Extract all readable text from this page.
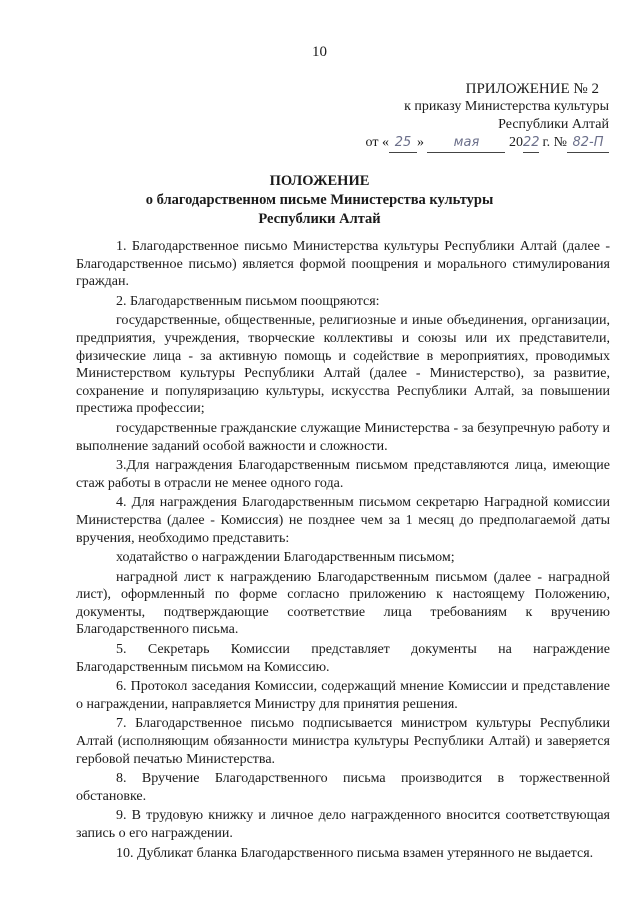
10
ПРИЛОЖЕНИЕ № 2
к приказу Министерства культуры
Республики Алтай
от « 25 » мая 2022 г. № 82-П
ПОЛОЖЕНИЕ
о благодарственном письме Министерства культуры
Республики Алтай

1. Благодарственное письмо Министерства культуры Республики Алтай (далее - Благодарственное письмо) является формой поощрения и морального стимулирования граждан.

2. Благодарственным письмом поощряются:

государственные, общественные, религиозные и иные объединения, организации, предприятия, учреждения, творческие коллективы и союзы или их представители, физические лица - за активную помощь и содействие в мероприятиях, проводимых Министерством культуры Республики Алтай (далее - Министерство), за развитие, сохранение и популяризацию культуры, искусства Республики Алтай, за повышении престижа профессии;

государственные гражданские служащие Министерства - за безупречную работу и выполнение заданий особой важности и сложности.

3.Для награждения Благодарственным письмом представляются лица, имеющие стаж работы в отрасли не менее одного года.

4. Для награждения Благодарственным письмом секретарю Наградной комиссии Министерства (далее - Комиссия) не позднее чем за 1 месяц до предполагаемой даты вручения, необходимо представить:

ходатайство о награждении Благодарственным письмом;

наградной лист к награждению Благодарственным письмом (далее - наградной лист), оформленный по форме согласно приложению к настоящему Положению, документы, подтверждающие соответствие лица требованиям к вручению Благодарственного письма.

5. Секретарь Комиссии представляет документы на награждение Благодарственным письмом на Комиссию.

6. Протокол заседания Комиссии, содержащий мнение Комиссии и представление о награждении, направляется Министру для принятия решения.

7. Благодарственное письмо подписывается министром культуры Республики Алтай (исполняющим обязанности министра культуры Республики Алтай) и заверяется гербовой печатью Министерства.

8. Вручение Благодарственного письма производится в торжественной обстановке.

9. В трудовую книжку и личное дело награжденного вносится соответствующая запись о его награждении.

10. Дубликат бланка Благодарственного письма взамен утерянного не выдается.
